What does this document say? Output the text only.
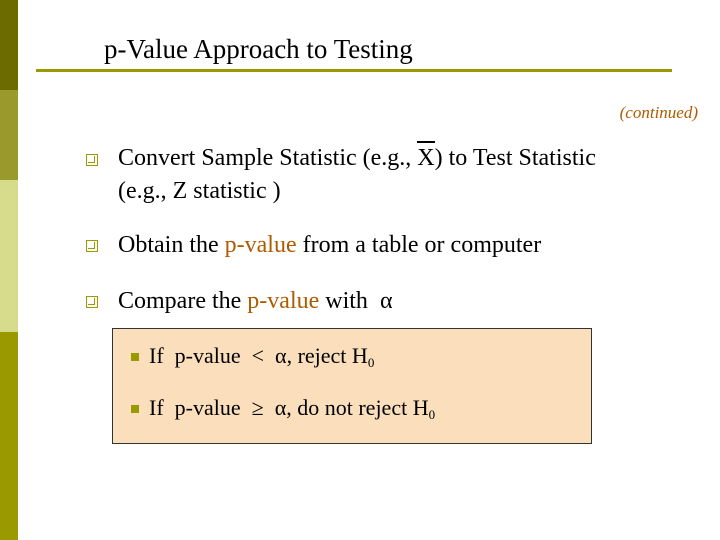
p-Value Approach to Testing
(continued)
Convert Sample Statistic (e.g., X) to Test Statistic
(e.g., Z statistic )
Obtain the p-value from a table or computer
Compare the p-value with  α
If p-value < α, reject $H_0$
If p-value ≥ α, do not reject $H_0$
